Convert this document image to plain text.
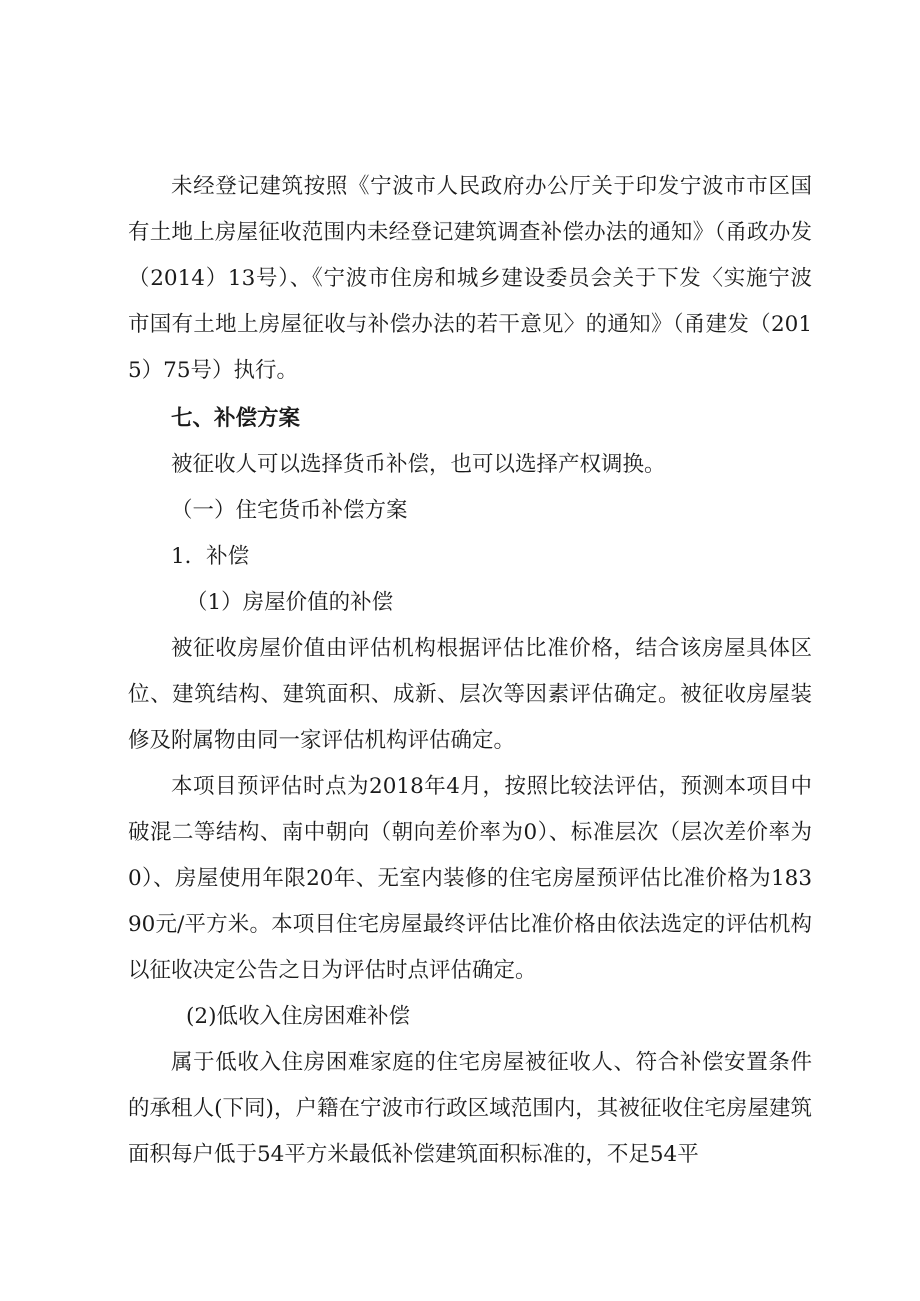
未经登记建筑按照《宁波市人民政府办公厅关于印发宁波市市区国有土地上房屋征收范围内未经登记建筑调查补偿办法的通知》（甬政办发（2014）13号）、《宁波市住房和城乡建设委员会关于下发〈实施宁波市国有土地上房屋征收与补偿办法的若干意见〉的通知》（甬建发（2015）75号）执行。

七、补偿方案

被征收人可以选择货币补偿，也可以选择产权调换。

（一）住宅货币补偿方案

1．补偿

（1）房屋价值的补偿

被征收房屋价值由评估机构根据评估比准价格，结合该房屋具体区位、建筑结构、建筑面积、成新、层次等因素评估确定。被征收房屋装修及附属物由同一家评估机构评估确定。

本项目预评估时点为2018年4月，按照比较法评估，预测本项目中破混二等结构、南中朝向（朝向差价率为0）、标准层次（层次差价率为0）、房屋使用年限20年、无室内装修的住宅房屋预评估比准价格为18390元/平方米。本项目住宅房屋最终评估比准价格由依法选定的评估机构以征收决定公告之日为评估时点评估确定。

(2)低收入住房困难补偿

属于低收入住房困难家庭的住宅房屋被征收人、符合补偿安置条件的承租人(下同)，户籍在宁波市行政区域范围内，其被征收住宅房屋建筑面积每户低于54平方米最低补偿建筑面积标准的，不足54平
